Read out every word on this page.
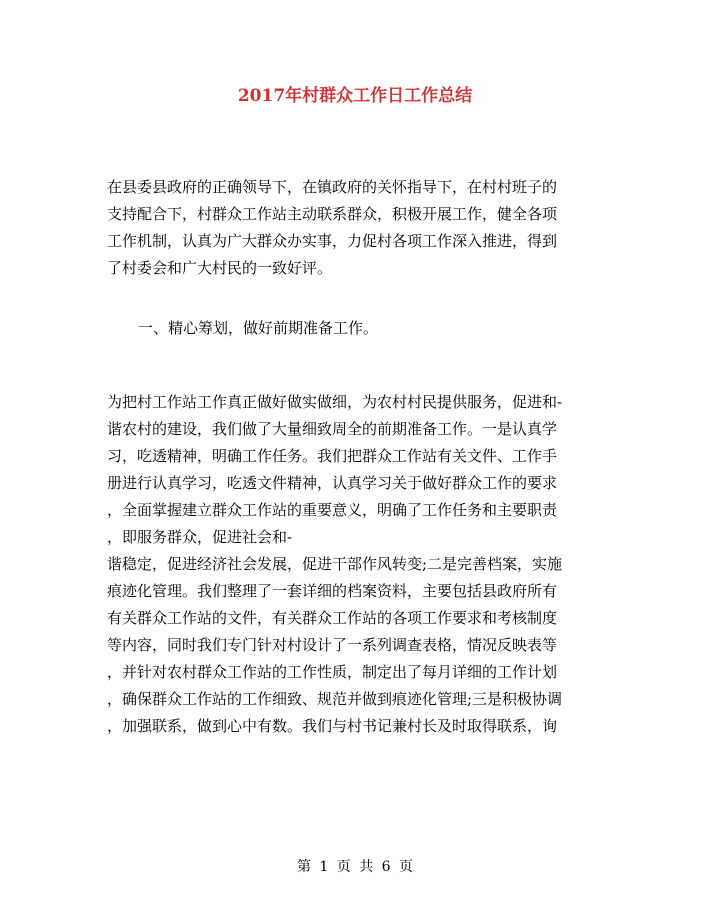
2017年村群众工作日工作总结
在县委县政府的正确领导下，在镇政府的关怀指导下，在村村班子的
支持配合下，村群众工作站主动联系群众，积极开展工作，健全各项
工作机制，认真为广大群众办实事，力促村各项工作深入推进，得到
了村委会和广大村民的一致好评。
一、精心筹划，做好前期准备工作。
为把村工作站工作真正做好做实做细，为农村村民提供服务，促进和-
谐农村的建设，我们做了大量细致周全的前期准备工作。一是认真学
习，吃透精神，明确工作任务。我们把群众工作站有关文件、工作手
册进行认真学习，吃透文件精神，认真学习关于做好群众工作的要求
，全面掌握建立群众工作站的重要意义，明确了工作任务和主要职责
，即服务群众，促进社会和-
谐稳定，促进经济社会发展，促进干部作风转变;二是完善档案，实施
痕迹化管理。我们整理了一套详细的档案资料，主要包括县政府所有
有关群众工作站的文件，有关群众工作站的各项工作要求和考核制度
等内容，同时我们专门针对村设计了一系列调查表格，情况反映表等
，并针对农村群众工作站的工作性质，制定出了每月详细的工作计划
，确保群众工作站的工作细致、规范并做到痕迹化管理;三是积极协调
，加强联系，做到心中有数。我们与村书记兼村长及时取得联系，询
第 1 页 共 6 页
